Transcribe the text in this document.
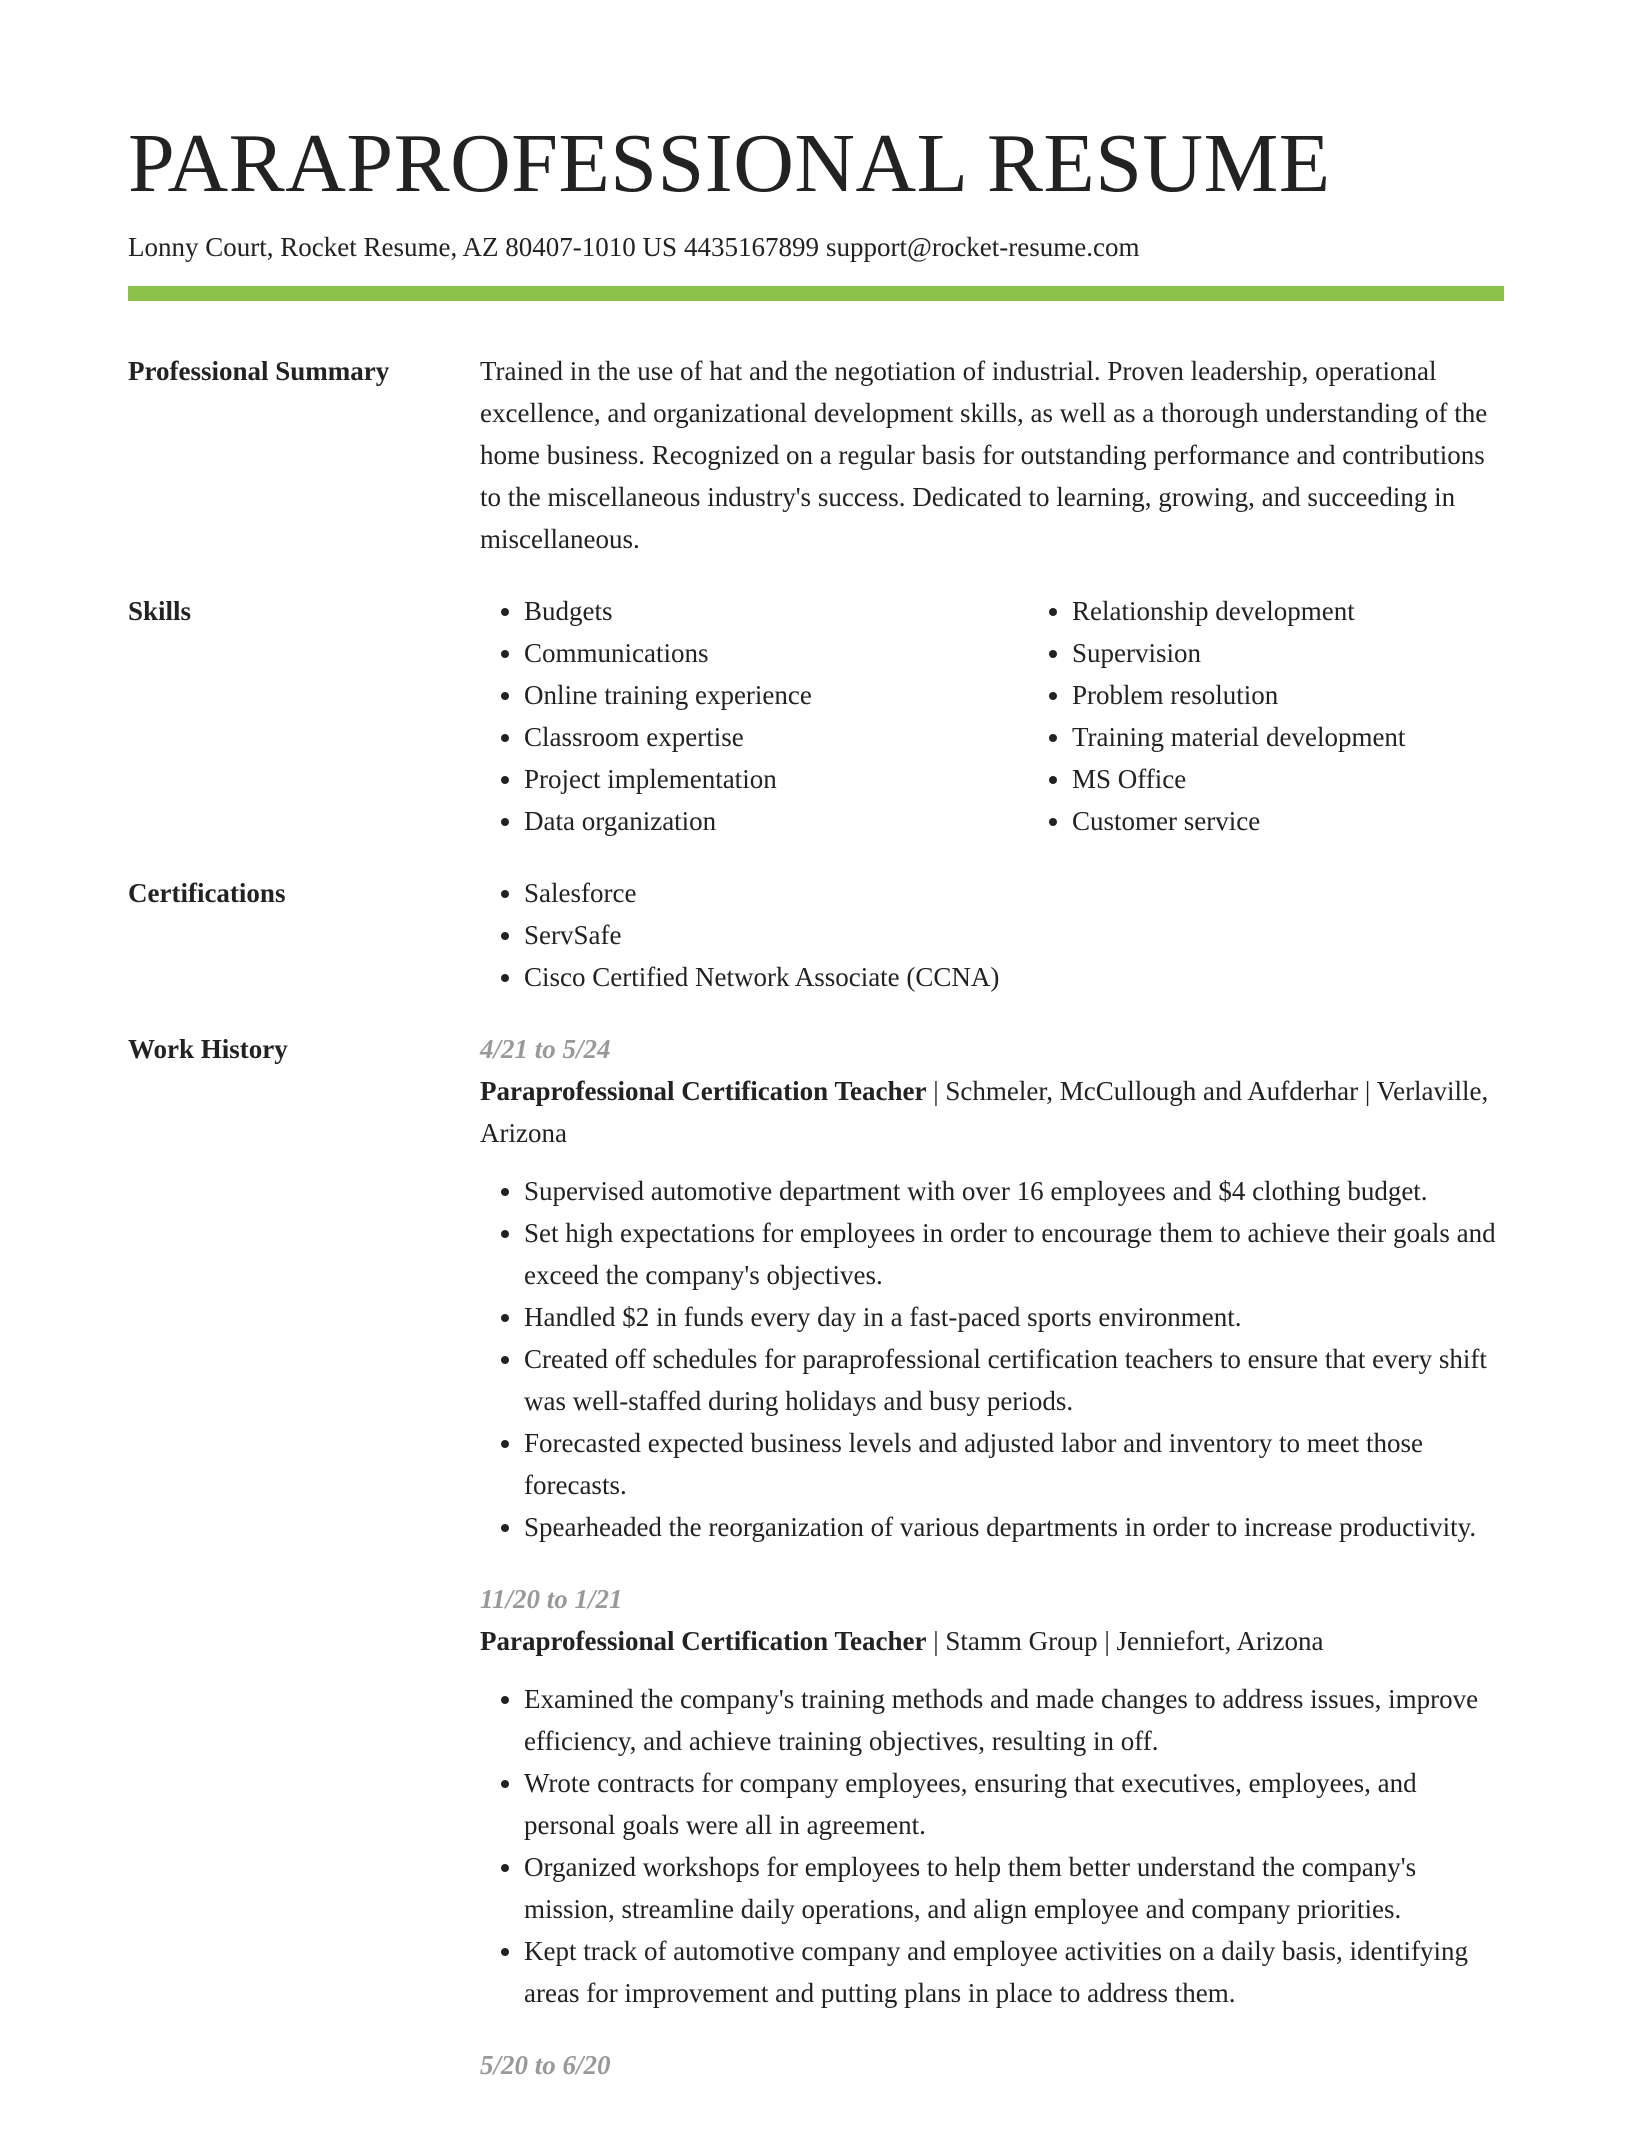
PARAPROFESSIONAL RESUME
Lonny Court, Rocket Resume, AZ 80407-1010 US 4435167899 support@rocket-resume.com
Professional Summary	Trained in the use of hat and the negotiation of industrial. Proven leadership, operational excellence, and organizational development skills, as well as a thorough understanding of the home business. Recognized on a regular basis for outstanding performance and contributions to the miscellaneous industry's success. Dedicated to learning, growing, and succeeding in miscellaneous.

Skills	• Budgets
• Communications
• Online training experience
• Classroom expertise
• Project implementation
• Data organization
• Relationship development
• Supervision
• Problem resolution
• Training material development
• MS Office
• Customer service
Certifications	• Salesforce
• ServSafe
• Cisco Certified Network Associate (CCNA)
Work History	4/21 to 5/24
Paraprofessional Certification Teacher | Schmeler, McCullough and Aufderhar | Verlaville, Arizona
• Supervised automotive department with over 16 employees and $4 clothing budget.
• Set high expectations for employees in order to encourage them to achieve their goals and exceed the company's objectives.
• Handled $2 in funds every day in a fast-paced sports environment.
• Created off schedules for paraprofessional certification teachers to ensure that every shift was well-staffed during holidays and busy periods.
• Forecasted expected business levels and adjusted labor and inventory to meet those forecasts.
• Spearheaded the reorganization of various departments in order to increase productivity.
11/20 to 1/21
Paraprofessional Certification Teacher | Stamm Group | Jenniefort, Arizona
• Examined the company's training methods and made changes to address issues, improve efficiency, and achieve training objectives, resulting in off.
• Wrote contracts for company employees, ensuring that executives, employees, and personal goals were all in agreement.
• Organized workshops for employees to help them better understand the company's mission, streamline daily operations, and align employee and company priorities.
• Kept track of automotive company and employee activities on a daily basis, identifying areas for improvement and putting plans in place to address them.
5/20 to 6/20
